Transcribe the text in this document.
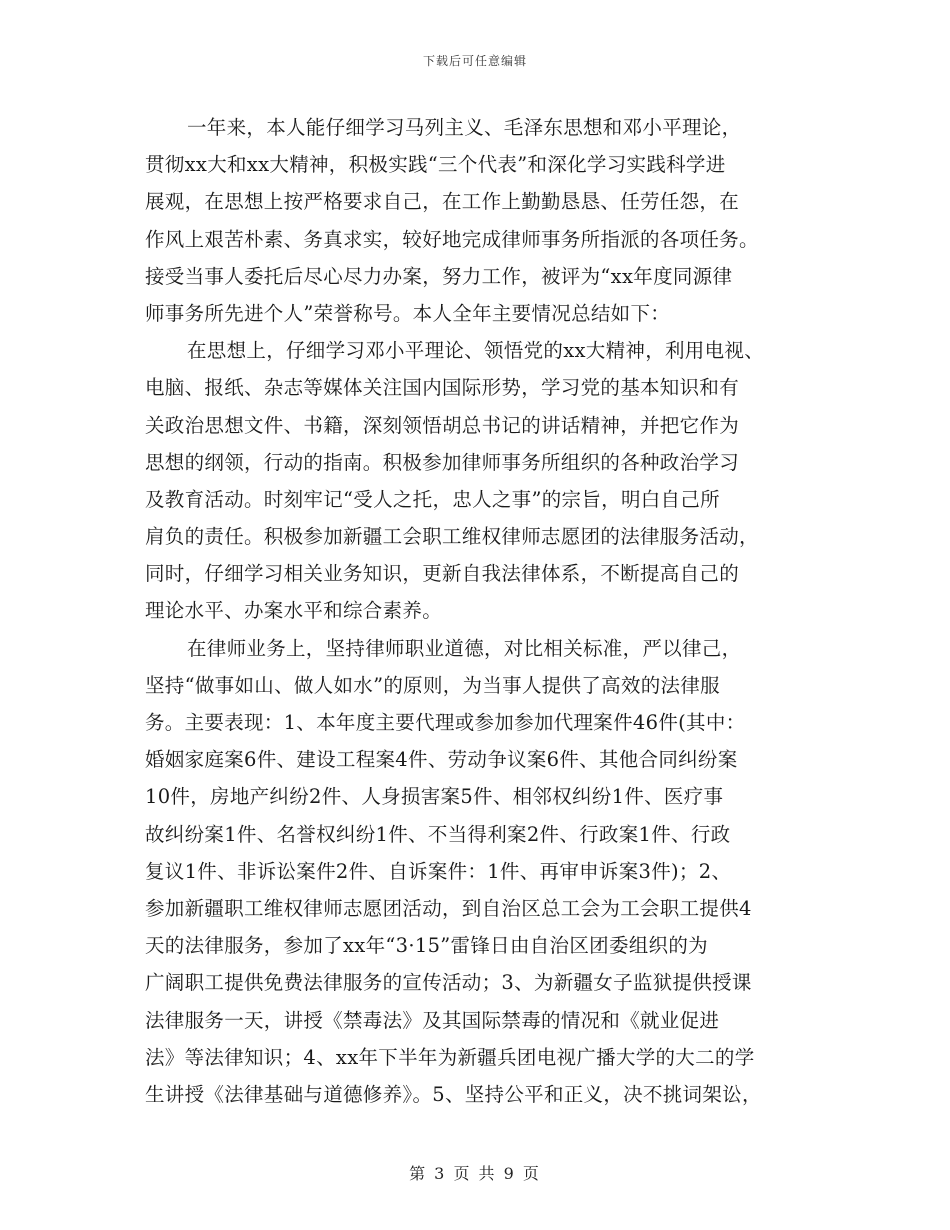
下载后可任意编辑
一年来，本人能仔细学习马列主义、毛泽东思想和邓小平理论，
贯彻xx大和xx大精神，积极实践“三个代表”和深化学习实践科学进
展观，在思想上按严格要求自己，在工作上勤勤恳恳、任劳任怨，在
作风上艰苦朴素、务真求实，较好地完成律师事务所指派的各项任务。
接受当事人委托后尽心尽力办案，努力工作，被评为“xx年度同源律
师事务所先进个人”荣誉称号。本人全年主要情况总结如下：
在思想上，仔细学习邓小平理论、领悟党的xx大精神，利用电视、
电脑、报纸、杂志等媒体关注国内国际形势，学习党的基本知识和有
关政治思想文件、书籍，深刻领悟胡总书记的讲话精神，并把它作为
思想的纲领，行动的指南。积极参加律师事务所组织的各种政治学习
及教育活动。时刻牢记“受人之托，忠人之事”的宗旨，明白自己所
肩负的责任。积极参加新疆工会职工维权律师志愿团的法律服务活动，
同时，仔细学习相关业务知识，更新自我法律体系，不断提高自己的
理论水平、办案水平和综合素养。
在律师业务上，坚持律师职业道德，对比相关标准，严以律己，
坚持“做事如山、做人如水”的原则，为当事人提供了高效的法律服
务。主要表现：1、本年度主要代理或参加参加代理案件46件(其中：
婚姻家庭案6件、建设工程案4件、劳动争议案6件、其他合同纠纷案
10件，房地产纠纷2件、人身损害案5件、相邻权纠纷1件、医疗事
故纠纷案1件、名誉权纠纷1件、不当得利案2件、行政案1件、行政
复议1件、非诉讼案件2件、自诉案件：1件、再审申诉案3件)；2、
参加新疆职工维权律师志愿团活动，到自治区总工会为工会职工提供4
天的法律服务，参加了xx年“3·15”雷锋日由自治区团委组织的为
广阔职工提供免费法律服务的宣传活动；3、为新疆女子监狱提供授课
法律服务一天，讲授《禁毒法》及其国际禁毒的情况和《就业促进
法》等法律知识；4、xx年下半年为新疆兵团电视广播大学的大二的学
生讲授《法律基础与道德修养》。5、坚持公平和正义，决不挑词架讼，
第 3 页 共 9 页
